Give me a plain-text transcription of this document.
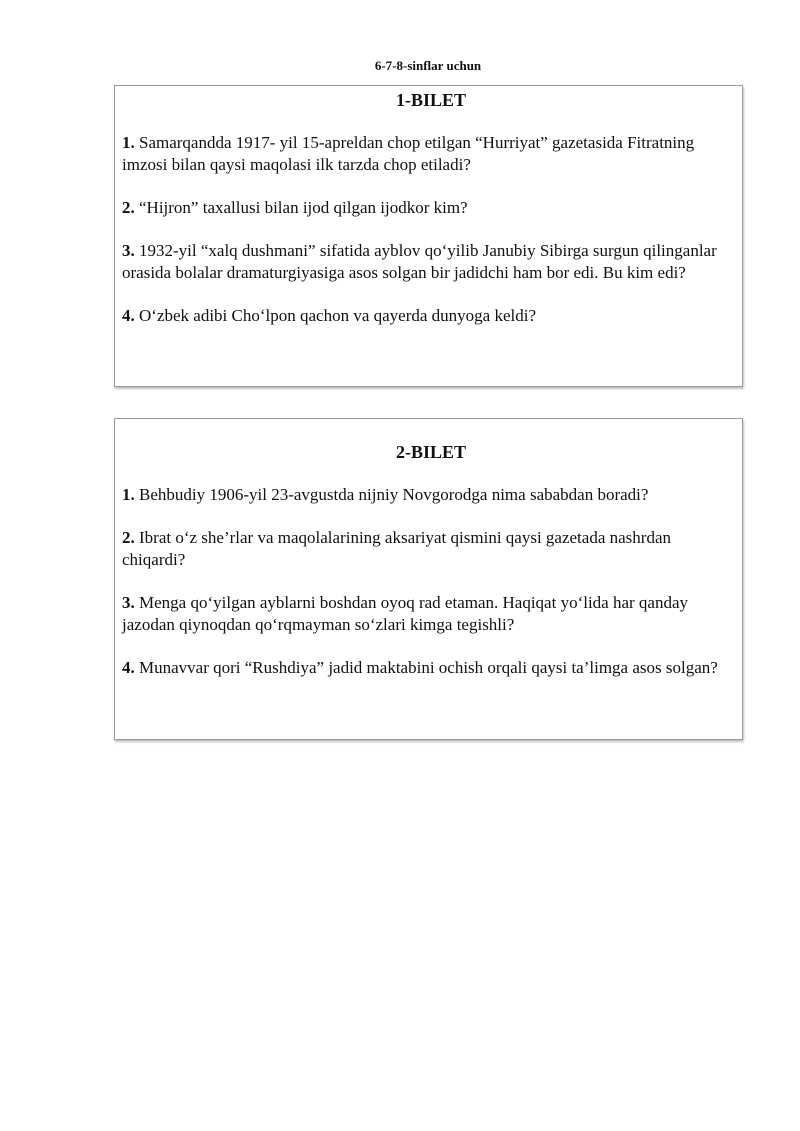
6-7-8-sinflar uchun
1-BILET
1. Samarqandda 1917- yil 15-apreldan chop etilgan “Hurriyat” gazetasida Fitratning imzosi bilan qaysi maqolasi ilk tarzda chop etiladi?
2. “Hijron” taxallusi bilan ijod qilgan ijodkor kim?
3. 1932-yil “xalq dushmani” sifatida ayblov qo‘yilib Janubiy Sibirga surgun qilinganlar orasida bolalar dramaturgiyasiga asos solgan bir jadidchi ham bor edi. Bu kim edi?
4. O‘zbek adibi Cho‘lpon qachon va qayerda dunyoga keldi?
2-BILET
1. Behbudiy 1906-yil 23-avgustda nijniy Novgorodga nima sababdan boradi?
2. Ibrat o‘z she’rlar va maqolalarining aksariyat qismini qaysi gazetada nashrdan chiqardi?
3. Menga qo‘yilgan ayblarni boshdan oyoq rad etaman. Haqiqat yo‘lida har qanday jazodan qiynoqdan qo‘rqmayman so‘zlari kimga tegishli?
4. Munavvar qori “Rushdiya” jadid maktabini ochish orqali qaysi ta’limga asos solgan?
